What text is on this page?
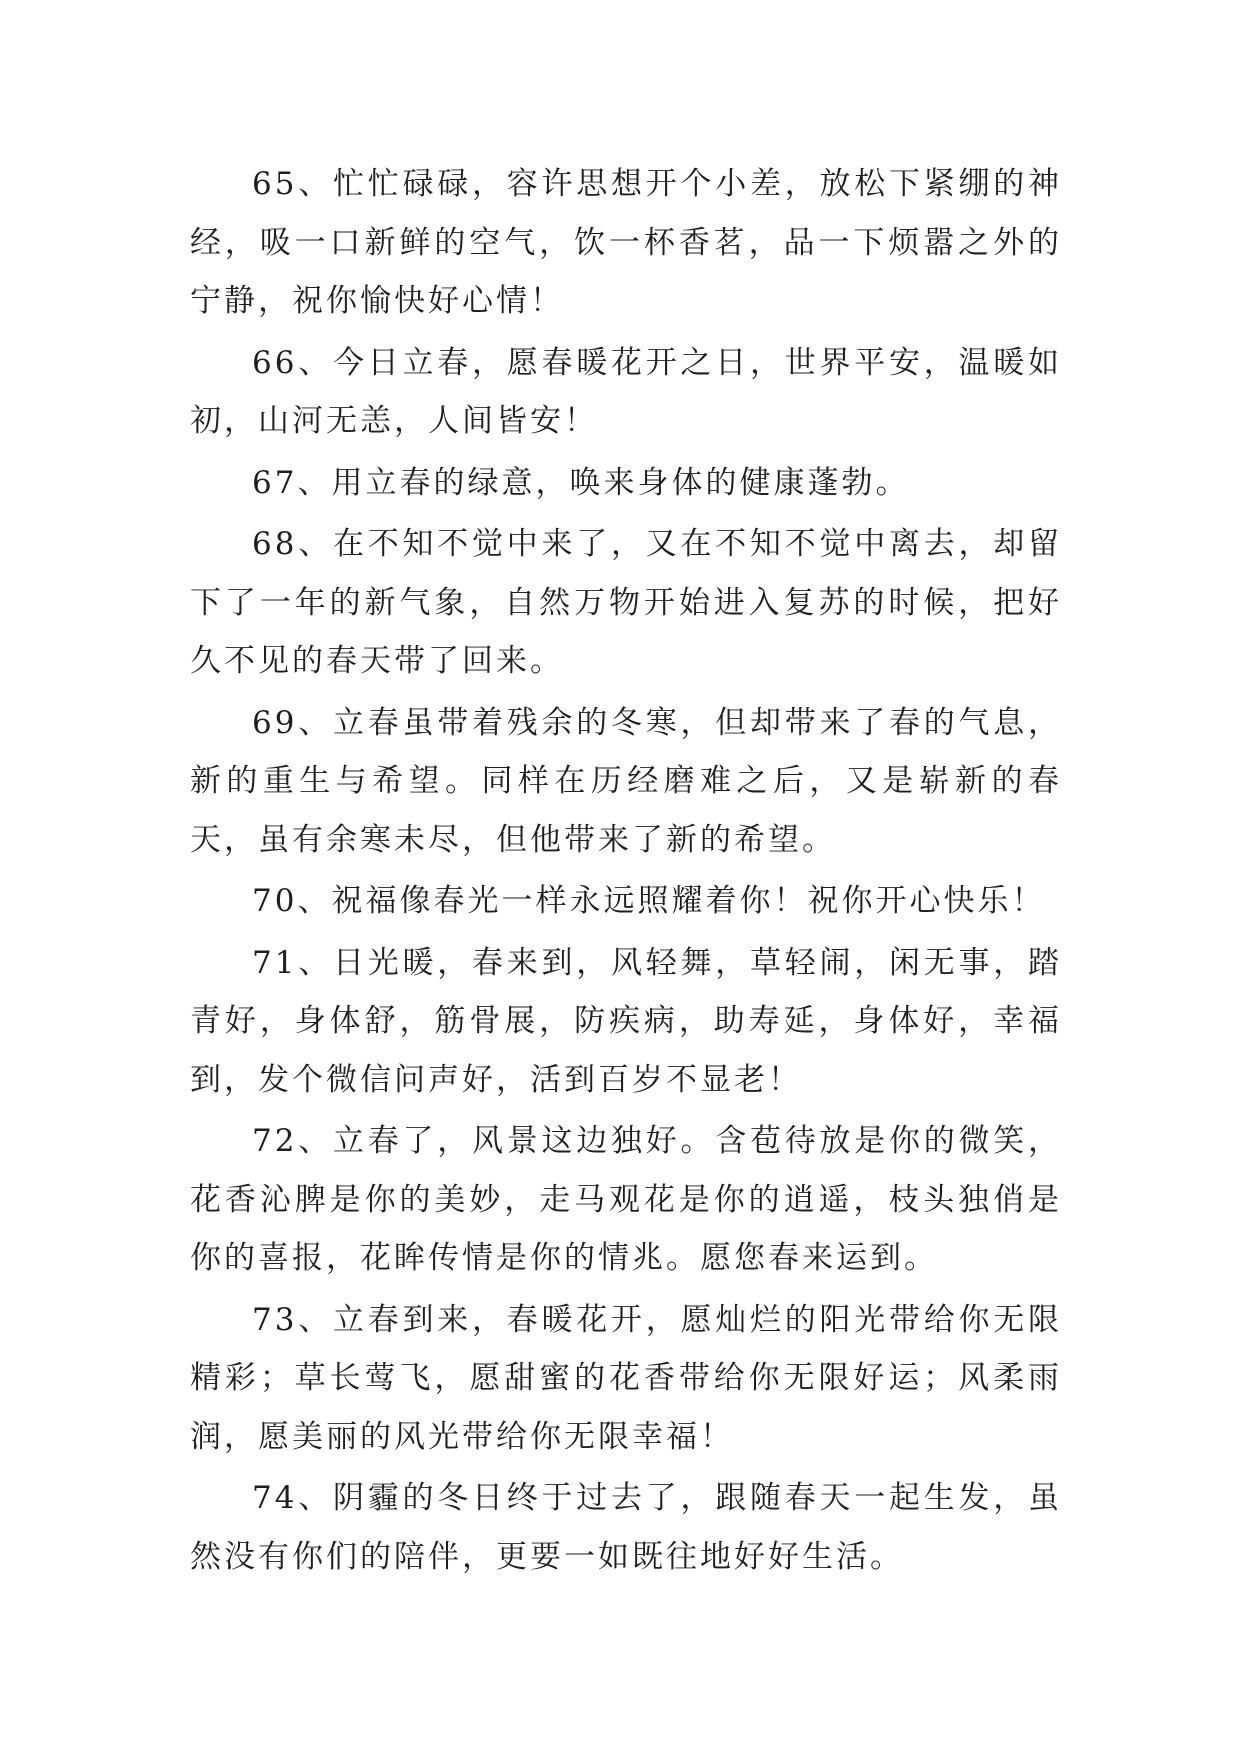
65、忙忙碌碌，容许思想开个小差，放松下紧绷的神经，吸一口新鲜的空气，饮一杯香茗，品一下烦嚣之外的宁静，祝你愉快好心情！

66、今日立春，愿春暖花开之日，世界平安，温暖如初，山河无恙，人间皆安！

67、用立春的绿意，唤来身体的健康蓬勃。

68、在不知不觉中来了，又在不知不觉中离去，却留下了一年的新气象，自然万物开始进入复苏的时候，把好久不见的春天带了回来。

69、立春虽带着残余的冬寒，但却带来了春的气息，新的重生与希望。同样在历经磨难之后，又是崭新的春天，虽有余寒未尽，但他带来了新的希望。

70、祝福像春光一样永远照耀着你！祝你开心快乐！

71、日光暖，春来到，风轻舞，草轻闹，闲无事，踏青好，身体舒，筋骨展，防疾病，助寿延，身体好，幸福到，发个微信问声好，活到百岁不显老！

72、立春了，风景这边独好。含苞待放是你的微笑，花香沁脾是你的美妙，走马观花是你的逍遥，枝头独俏是你的喜报，花眸传情是你的情兆。愿您春来运到。

73、立春到来，春暖花开，愿灿烂的阳光带给你无限精彩；草长莺飞，愿甜蜜的花香带给你无限好运；风柔雨润，愿美丽的风光带给你无限幸福！

74、阴霾的冬日终于过去了，跟随春天一起生发，虽然没有你们的陪伴，更要一如既往地好好生活。
